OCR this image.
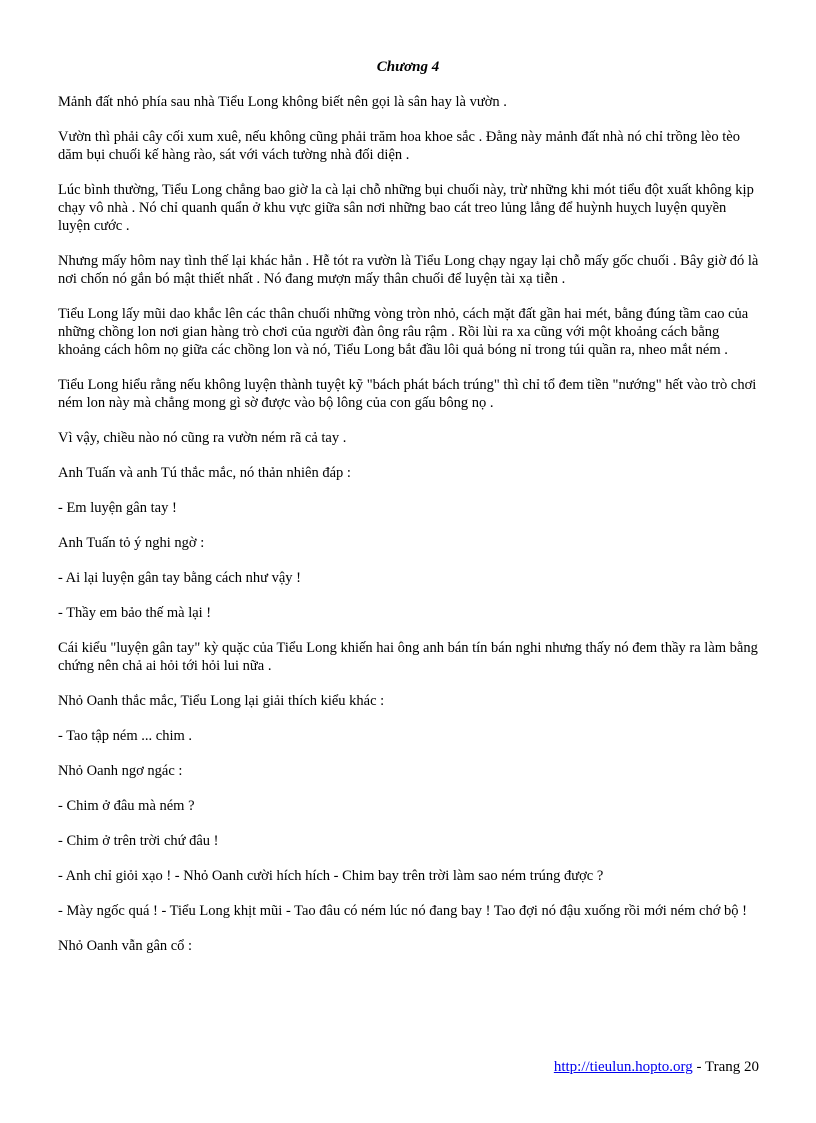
Chương 4

Mảnh đất nhỏ phía sau nhà Tiểu Long không biết nên gọi là sân hay là vườn .

Vườn thì phải cây cối xum xuê, nếu không cũng phải trăm hoa khoe sắc . Đằng này mảnh đất nhà nó chỉ trồng lèo tèo dăm bụi chuối kế hàng rào, sát với vách tường nhà đối diện .

Lúc bình thường, Tiểu Long chẳng bao giờ la cà lại chỗ những bụi chuối này, trừ những khi mót tiểu đột xuất không kịp chạy vô nhà . Nó chỉ quanh quẩn ở khu vực giữa sân nơi những bao cát treo lủng lẳng để huỳnh huỵch luyện quyền luyện cước .

Nhưng mấy hôm nay tình thế lại khác hẳn . Hễ tót ra vườn là Tiểu Long chạy ngay lại chỗ mấy gốc chuối . Bây giờ đó là nơi chốn nó gắn bó mật thiết nhất . Nó đang mượn mấy thân chuối để luyện tài xạ tiễn .

Tiểu Long lấy mũi dao khắc lên các thân chuối những vòng tròn nhỏ, cách mặt đất gần hai mét, bằng đúng tầm cao của những chồng lon nơi gian hàng trò chơi của người đàn ông râu rậm . Rồi lùi ra xa cũng với một khoảng cách bằng khoảng cách hôm nọ giữa các chồng lon và nó, Tiểu Long bắt đầu lôi quả bóng nỉ trong túi quần ra, nheo mắt ném .

Tiểu Long hiểu rằng nếu không luyện thành tuyệt kỹ "bách phát bách trúng" thì chỉ tổ đem tiền "nướng" hết vào trò chơi ném lon này mà chẳng mong gì sờ được vào bộ lông của con gấu bông nọ .

Vì vậy, chiều nào nó cũng ra vườn ném rã cả tay .

Anh Tuấn và anh Tú thắc mắc, nó thản nhiên đáp :

- Em luyện gân tay !

Anh Tuấn tỏ ý nghi ngờ :

- Ai lại luyện gân tay bằng cách như vậy !

- Thầy em bảo thế mà lại !

Cái kiểu "luyện gân tay" kỳ quặc của Tiểu Long khiến hai ông anh bán tín bán nghi nhưng thấy nó đem thầy ra làm bằng chứng nên chả ai hỏi tới hỏi lui nữa .

Nhỏ Oanh thắc mắc, Tiểu Long lại giải thích kiểu khác :

- Tao tập ném ... chim .

Nhỏ Oanh ngơ ngác :

- Chim ở đâu mà ném ?

- Chim ở trên trời chứ đâu !

- Anh chỉ giỏi xạo ! - Nhỏ Oanh cười hích hích - Chim bay trên trời làm sao ném trúng được ?

- Mày ngốc quá ! - Tiểu Long khịt mũi - Tao đâu có ném lúc nó đang bay ! Tao đợi nó đậu xuống rồi mới ném chớ bộ !

Nhỏ Oanh vẫn gân cổ :

http://tieulun.hopto.org - Trang 20
